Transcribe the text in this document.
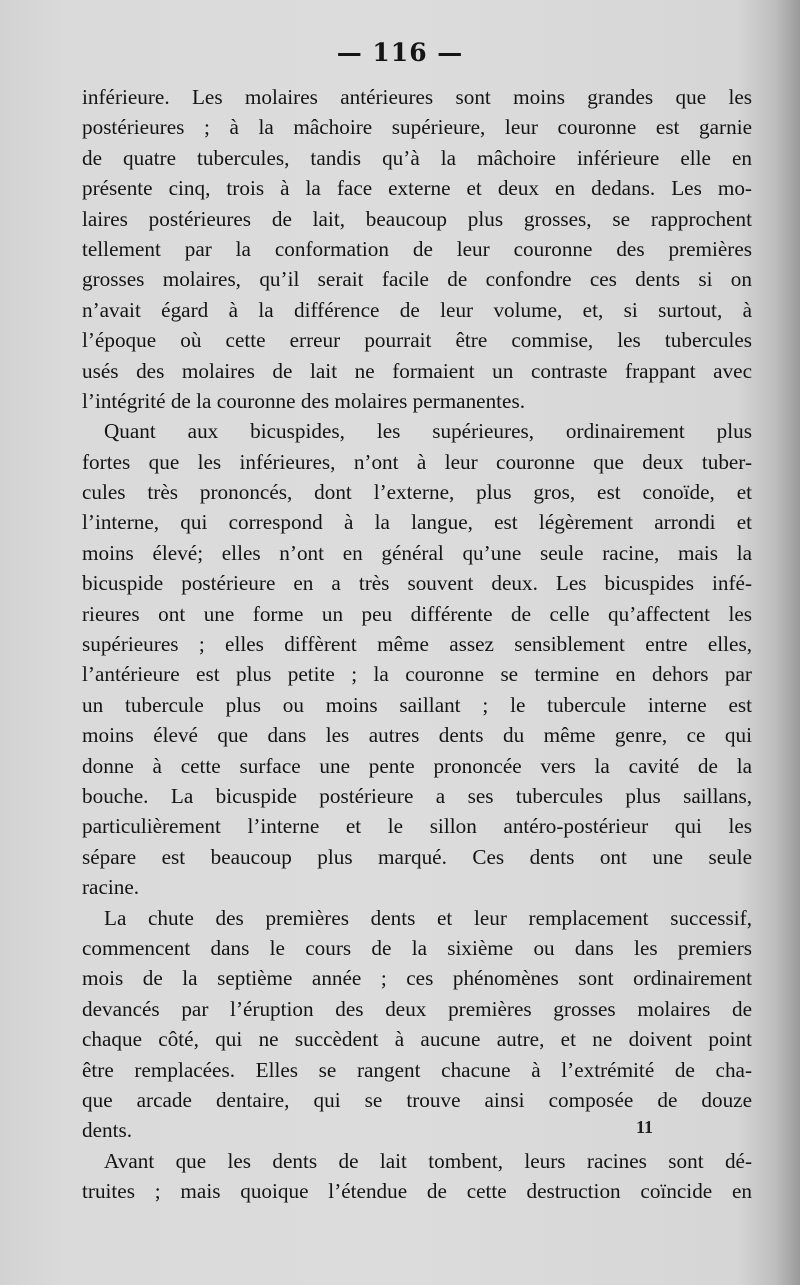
— 116 —
inférieure. Les molaires antérieures sont moins grandes que les
postérieures ; à la mâchoire supérieure, leur couronne est garnie
de quatre tubercules, tandis qu’à la mâchoire inférieure elle en
présente cinq, trois à la face externe et deux en dedans. Les mo-
laires postérieures de lait, beaucoup plus grosses, se rapprochent
tellement par la conformation de leur couronne des premières
grosses molaires, qu’il serait facile de confondre ces dents si on
n’avait égard à la différence de leur volume, et, si surtout, à
l’époque où cette erreur pourrait être commise, les tubercules
usés des molaires de lait ne formaient un contraste frappant avec
l’intégrité de la couronne des molaires permanentes.
Quant aux bicuspides, les supérieures, ordinairement plus
fortes que les inférieures, n’ont à leur couronne que deux tuber-
cules très prononcés, dont l’externe, plus gros, est conoïde, et
l’interne, qui correspond à la langue, est légèrement arrondi et
moins élevé; elles n’ont en général qu’une seule racine, mais la
bicuspide postérieure en a très souvent deux. Les bicuspides infé-
rieures ont une forme un peu différente de celle qu’affectent les
supérieures ; elles diffèrent même assez sensiblement entre elles,
l’antérieure est plus petite ; la couronne se termine en dehors par
un tubercule plus ou moins saillant ; le tubercule interne est
moins élevé que dans les autres dents du même genre, ce qui
donne à cette surface une pente prononcée vers la cavité de la
bouche. La bicuspide postérieure a ses tubercules plus saillans,
particulièrement l’interne et le sillon antéro-postérieur qui les
sépare est beaucoup plus marqué. Ces dents ont une seule
racine.
La chute des premières dents et leur remplacement successif,
commencent dans le cours de la sixième ou dans les premiers
mois de la septième année ; ces phénomènes sont ordinairement
devancés par l’éruption des deux premières grosses molaires de
chaque côté, qui ne succèdent à aucune autre, et ne doivent point
être remplacées. Elles se rangent chacune à l’extrémité de cha-
que arcade dentaire, qui se trouve ainsi composée de douze
dents.
Avant que les dents de lait tombent, leurs racines sont dé-
truites ; mais quoique l’étendue de cette destruction coïncide en
11
